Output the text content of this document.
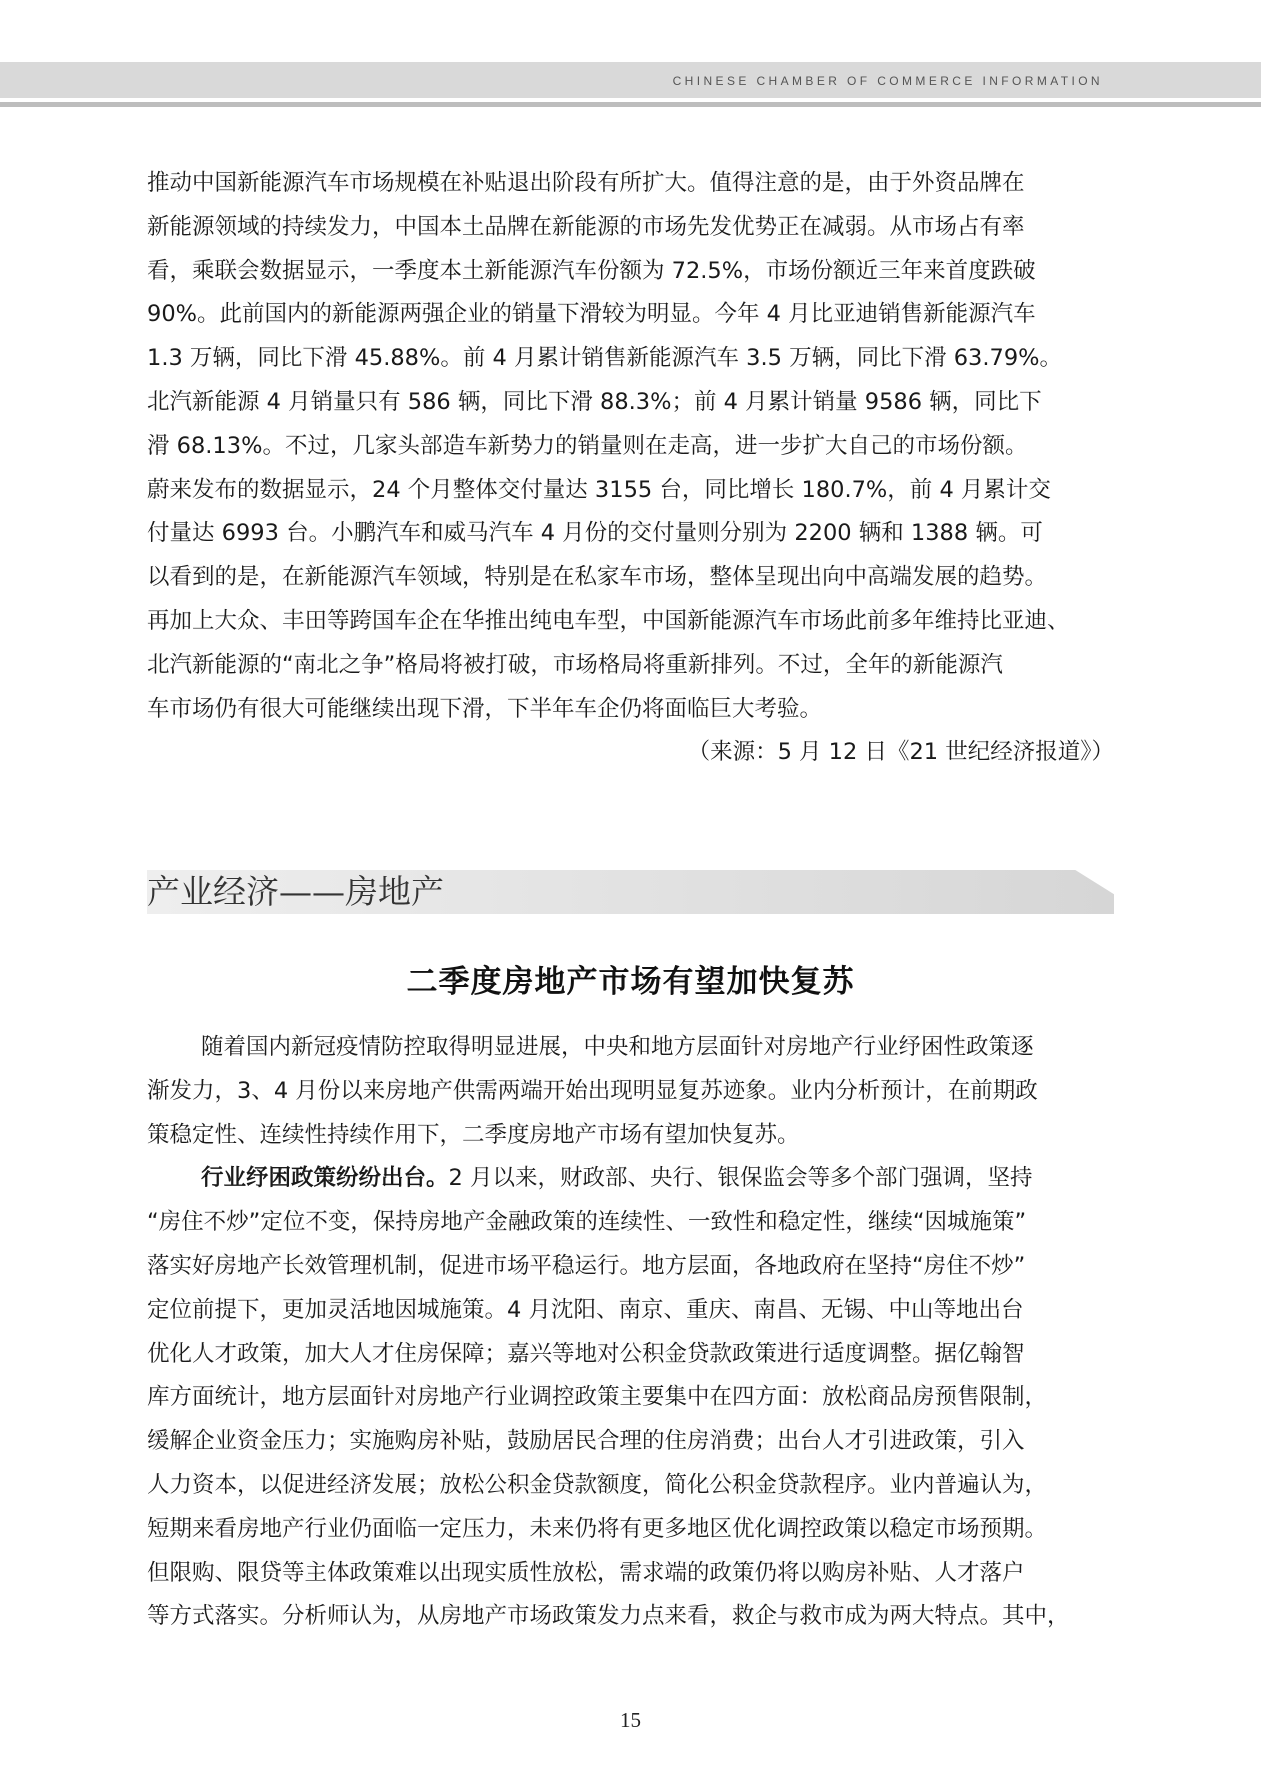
CHINESE CHAMBER OF COMMERCE INFORMATION

推动中国新能源汽车市场规模在补贴退出阶段有所扩大。值得注意的是，由于外资品牌在
新能源领域的持续发力，中国本土品牌在新能源的市场先发优势正在减弱。从市场占有率
看，乘联会数据显示，一季度本土新能源汽车份额为 72.5%，市场份额近三年来首度跌破
90%。此前国内的新能源两强企业的销量下滑较为明显。今年 4 月比亚迪销售新能源汽车
1.3 万辆，同比下滑 45.88%。前 4 月累计销售新能源汽车 3.5 万辆，同比下滑 63.79%。
北汽新能源 4 月销量只有 586 辆，同比下滑 88.3%；前 4 月累计销量 9586 辆，同比下
滑 68.13%。不过，几家头部造车新势力的销量则在走高，进一步扩大自己的市场份额。
蔚来发布的数据显示，24 个月整体交付量达 3155 台，同比增长 180.7%，前 4 月累计交
付量达 6993 台。小鹏汽车和威马汽车 4 月份的交付量则分别为 2200 辆和 1388 辆。可
以看到的是，在新能源汽车领域，特别是在私家车市场，整体呈现出向中高端发展的趋势。
再加上大众、丰田等跨国车企在华推出纯电车型，中国新能源汽车市场此前多年维持比亚迪、
北汽新能源的“南北之争”格局将被打破，市场格局将重新排列。不过，全年的新能源汽
车市场仍有很大可能继续出现下滑，下半年车企仍将面临巨大考验。

（来源：5 月 12 日《21 世纪经济报道》）

产业经济——房地产
二季度房地产市场有望加快复苏

随着国内新冠疫情防控取得明显进展，中央和地方层面针对房地产行业纾困性政策逐
渐发力，3、4 月份以来房地产供需两端开始出现明显复苏迹象。业内分析预计，在前期政
策稳定性、连续性持续作用下，二季度房地产市场有望加快复苏。

行业纾困政策纷纷出台。2 月以来，财政部、央行、银保监会等多个部门强调，坚持
“房住不炒”定位不变，保持房地产金融政策的连续性、一致性和稳定性，继续“因城施策”
落实好房地产长效管理机制，促进市场平稳运行。地方层面，各地政府在坚持“房住不炒”
定位前提下，更加灵活地因城施策。4 月沈阳、南京、重庆、南昌、无锡、中山等地出台
优化人才政策，加大人才住房保障；嘉兴等地对公积金贷款政策进行适度调整。据亿翰智
库方面统计，地方层面针对房地产行业调控政策主要集中在四方面：放松商品房预售限制，
缓解企业资金压力；实施购房补贴，鼓励居民合理的住房消费；出台人才引进政策，引入
人力资本，以促进经济发展；放松公积金贷款额度，简化公积金贷款程序。业内普遍认为，
短期来看房地产行业仍面临一定压力，未来仍将有更多地区优化调控政策以稳定市场预期。
但限购、限贷等主体政策难以出现实质性放松，需求端的政策仍将以购房补贴、人才落户
等方式落实。分析师认为，从房地产市场政策发力点来看，救企与救市成为两大特点。其中，

15
